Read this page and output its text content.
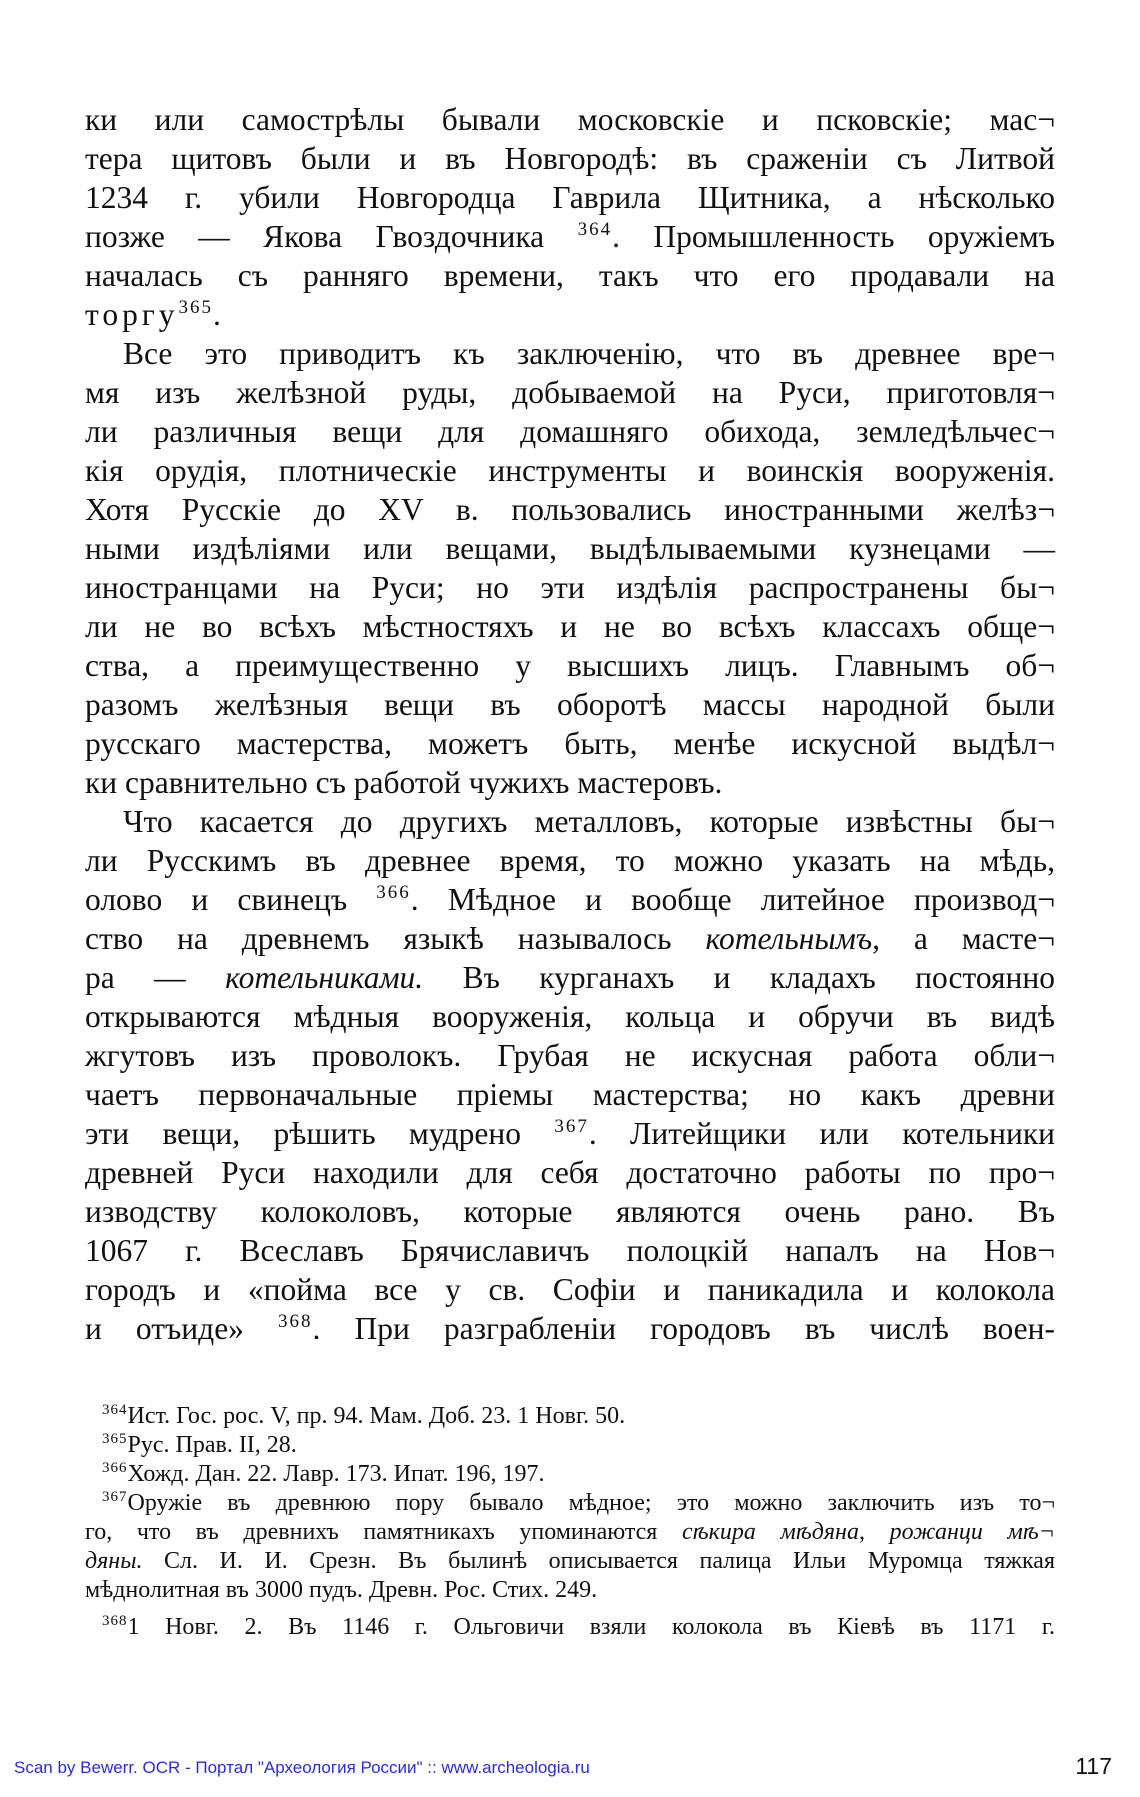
ки или самострѣлы бывали московскіе и псковскіе; мас¬
тера щитовъ были и въ Новгородѣ: въ сраженіи съ Литвой
1234 г. убили Новгородца Гаврила Щитника, а нѣсколько
позже — Якова Гвоздочника $^{364}$. Промышленность оружіемъ
началась съ ранняго времени, такъ что его продавали на
торгу$^{365}$.
Все это приводитъ къ заключенію, что въ древнее вре¬
мя изъ желѣзной руды, добываемой на Руси, приготовля¬
ли различныя вещи для домашняго обихода, земледѣльчес¬
кія орудія, плотническіе инструменты и воинскія вооруженія.
Хотя Русскіе до XV в. пользовались иностранными желѣз¬
ными издѣліями или вещами, выдѣлываемыми кузнецами —
иностранцами на Руси; но эти издѣлія распространены бы¬
ли не во всѣхъ мѣстностяхъ и не во всѣхъ классахъ обще¬
ства, а преимущественно у высшихъ лицъ. Главнымъ об¬
разомъ желѣзныя вещи въ оборотѣ массы народной были
русскаго мастерства, можетъ быть, менѣе искусной выдѣл¬
ки сравнительно съ работой чужихъ мастеровъ.
Что касается до другихъ металловъ, которые извѣстны бы¬
ли Русскимъ въ древнее время, то можно указать на мѣдь,
олово и свинецъ $^{366}$. Мѣдное и вообще литейное производ¬
ство на древнемъ языкѣ называлось котельнымъ, а масте¬
ра — котельниками. Въ курганахъ и кладахъ постоянно
открываются мѣдныя вооруженія, кольца и обручи въ видѣ
жгутовъ изъ проволокъ. Грубая не искусная работа обли¬
чаетъ первоначальные пріемы мастерства; но какъ древни
эти вещи, рѣшить мудрено $^{367}$. Литейщики или котельники
древней Руси находили для себя достаточно работы по про¬
изводству колоколовъ, которые являются очень рано. Въ
1067 г. Всеславъ Брячиславичъ полоцкій напалъ на Нов¬
городъ и «пойма все у св. Софіи и паникадила и колокола
и отъиде» $^{368}$. При разграбленіи городовъ въ числѣ воен-
$^{364}$Ист. Гос. рос. V, пр. 94. Мам. Доб. 23. 1 Новг. 50.
$^{365}$Рус. Прав. II, 28.
$^{366}$Хожд. Дан. 22. Лавр. 173. Ипат. 196, 197.
$^{367}$Оружіе въ древнюю пору бывало мѣдное; это можно заключить изъ то¬
го, что въ древнихъ памятникахъ упоминаются сѣкира мѣдяна, рожанци мѣ¬
дяны. Сл. И. И. Срезн. Въ былинѣ описывается палица Ильи Муромца тяжкая
мѣднолитная въ 3000 пудъ. Древн. Рос. Стих. 249.
$^{368}$1 Новг. 2. Въ 1146 г. Ольговичи взяли колокола въ Кіевѣ въ 1171 г.
Scan by Bewerr. OCR - Портал "Археология России" :: www.archeologia.ru	117
